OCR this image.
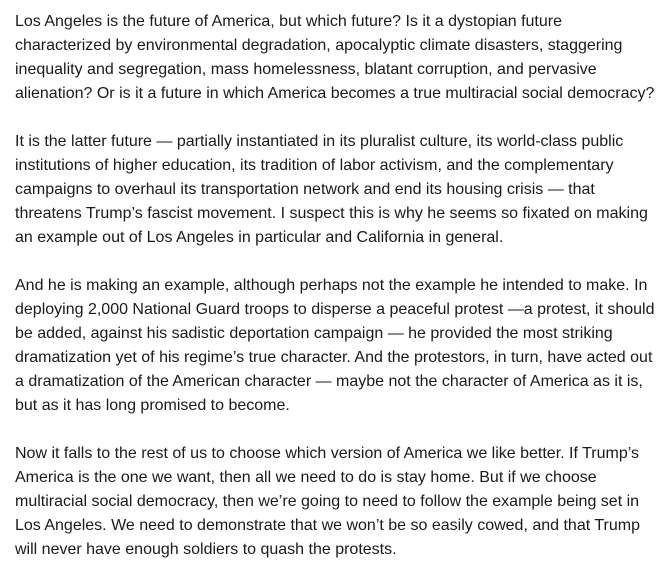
Los Angeles is the future of America, but which future? Is it a dystopian future
characterized by environmental degradation, apocalyptic climate disasters, staggering
inequality and segregation, mass homelessness, blatant corruption, and pervasive
alienation? Or is it a future in which America becomes a true multiracial social democracy?

It is the latter future — partially instantiated in its pluralist culture, its world-class public
institutions of higher education, its tradition of labor activism, and the complementary
campaigns to overhaul its transportation network and end its housing crisis — that
threatens Trump’s fascist movement. I suspect this is why he seems so fixated on making
an example out of Los Angeles in particular and California in general.

And he is making an example, although perhaps not the example he intended to make. In
deploying 2,000 National Guard troops to disperse a peaceful protest —a protest, it should
be added, against his sadistic deportation campaign — he provided the most striking
dramatization yet of his regime’s true character. And the protestors, in turn, have acted out
a dramatization of the American character — maybe not the character of America as it is,
but as it has long promised to become.

Now it falls to the rest of us to choose which version of America we like better. If Trump’s
America is the one we want, then all we need to do is stay home. But if we choose
multiracial social democracy, then we’re going to need to follow the example being set in
Los Angeles. We need to demonstrate that we won’t be so easily cowed, and that Trump
will never have enough soldiers to quash the protests.
